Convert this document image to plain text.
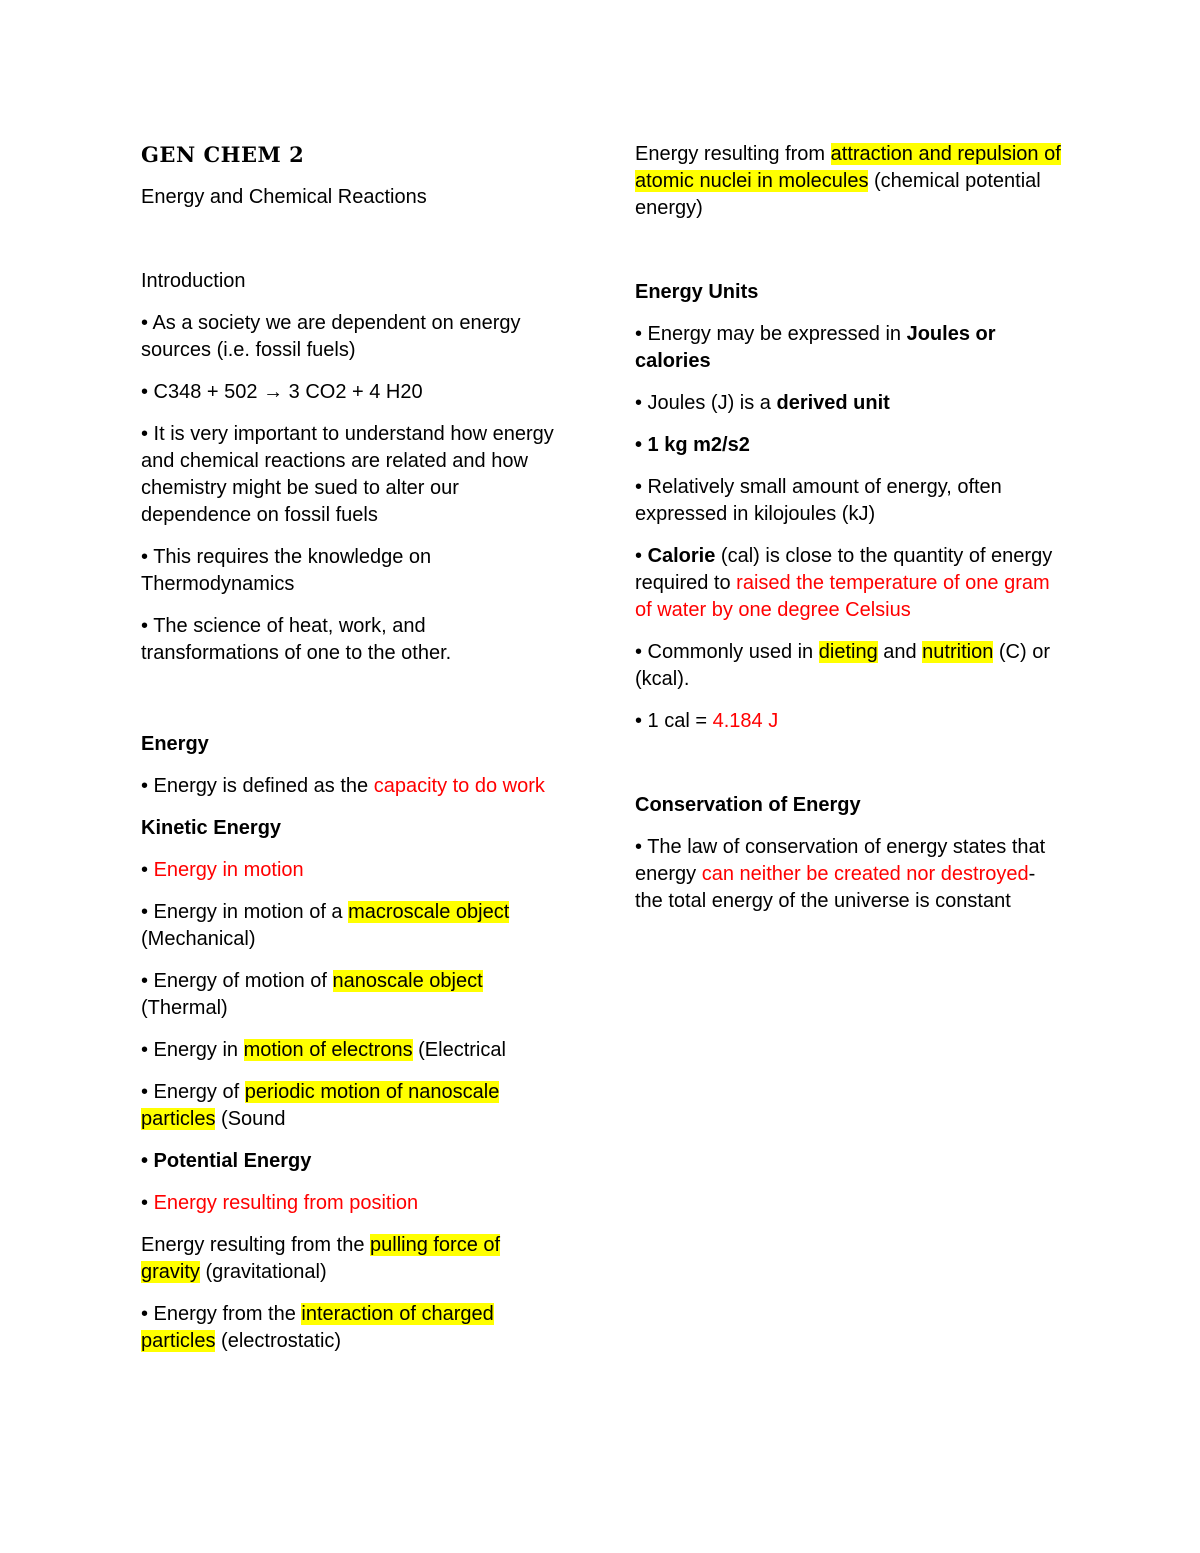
GEN CHEM 2

Energy and Chemical Reactions

Introduction

• As a society we are dependent on energy sources (i.e. fossil fuels)

• C348 + 502 → 3 CO2 + 4 H20

• It is very important to understand how energy and chemical reactions are related and how chemistry might be sued to alter our dependence on fossil fuels

• This requires the knowledge on Thermodynamics

• The science of heat, work, and transformations of one to the other.

Energy

• Energy is defined as the capacity to do work

Kinetic Energy

• Energy in motion

• Energy in motion of a macroscale object (Mechanical)

• Energy of motion of nanoscale object (Thermal)

• Energy in motion of electrons (Electrical

• Energy of periodic motion of nanoscale particles (Sound

• Potential Energy

• Energy resulting from position

Energy resulting from the pulling force of gravity (gravitational)

• Energy from the interaction of charged particles (electrostatic)

Energy resulting from attraction and repulsion of atomic nuclei in molecules (chemical potential energy)

Energy Units

• Energy may be expressed in Joules or calories

• Joules (J) is a derived unit

• 1 kg m2/s2

• Relatively small amount of energy, often expressed in kilojoules (kJ)

• Calorie (cal) is close to the quantity of energy required to raised the temperature of one gram of water by one degree Celsius

• Commonly used in dieting and nutrition (C) or (kcal).

• 1 cal = 4.184 J

Conservation of Energy

• The law of conservation of energy states that energy can neither be created nor destroyed- the total energy of the universe is constant
